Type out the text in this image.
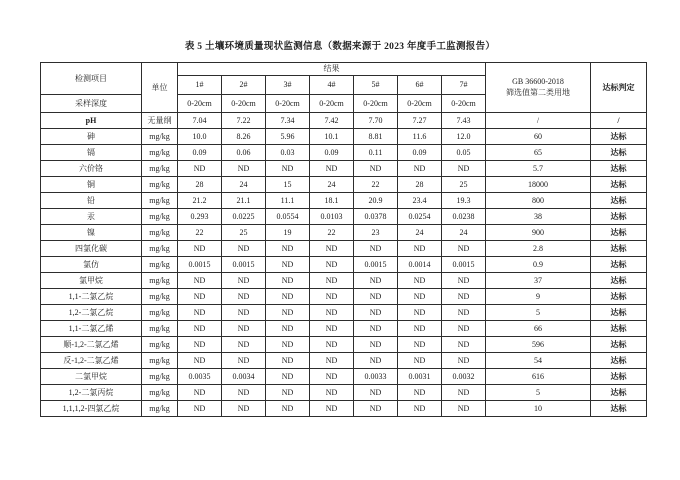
表 5 土壤环境质量现状监测信息（数据来源于 2023 年度手工监测报告）
检测项目	单位	结果							GB 36600-2018
筛选值第二类用地	达标判定
		1#	2#	3#	4#	5#	6#	7#		
采样深度		0-20cm	0-20cm	0-20cm	0-20cm	0-20cm	0-20cm	0-20cm		
pH	无量纲	7.04	7.22	7.34	7.42	7.70	7.27	7.43	/	/
砷	mg/kg	10.0	8.26	5.96	10.1	8.81	11.6	12.0	60	达标
镉	mg/kg	0.09	0.06	0.03	0.09	0.11	0.09	0.05	65	达标
六价铬	mg/kg	ND	ND	ND	ND	ND	ND	ND	5.7	达标
铜	mg/kg	28	24	15	24	22	28	25	18000	达标
铅	mg/kg	21.2	21.1	11.1	18.1	20.9	23.4	19.3	800	达标
汞	mg/kg	0.293	0.0225	0.0554	0.0103	0.0378	0.0254	0.0238	38	达标
镍	mg/kg	22	25	19	22	23	24	24	900	达标
四氯化碳	mg/kg	ND	ND	ND	ND	ND	ND	ND	2.8	达标
氯仿	mg/kg	0.0015	0.0015	ND	ND	0.0015	0.0014	0.0015	0.9	达标
氯甲烷	mg/kg	ND	ND	ND	ND	ND	ND	ND	37	达标
1,1-二氯乙烷	mg/kg	ND	ND	ND	ND	ND	ND	ND	9	达标
1,2-二氯乙烷	mg/kg	ND	ND	ND	ND	ND	ND	ND	5	达标
1,1-二氯乙烯	mg/kg	ND	ND	ND	ND	ND	ND	ND	66	达标
顺-1,2-二氯乙烯	mg/kg	ND	ND	ND	ND	ND	ND	ND	596	达标
反-1,2-二氯乙烯	mg/kg	ND	ND	ND	ND	ND	ND	ND	54	达标
二氯甲烷	mg/kg	0.0035	0.0034	ND	ND	0.0033	0.0031	0.0032	616	达标
1,2-二氯丙烷	mg/kg	ND	ND	ND	ND	ND	ND	ND	5	达标
1,1,1,2-四氯乙烷	mg/kg	ND	ND	ND	ND	ND	ND	ND	10	达标
